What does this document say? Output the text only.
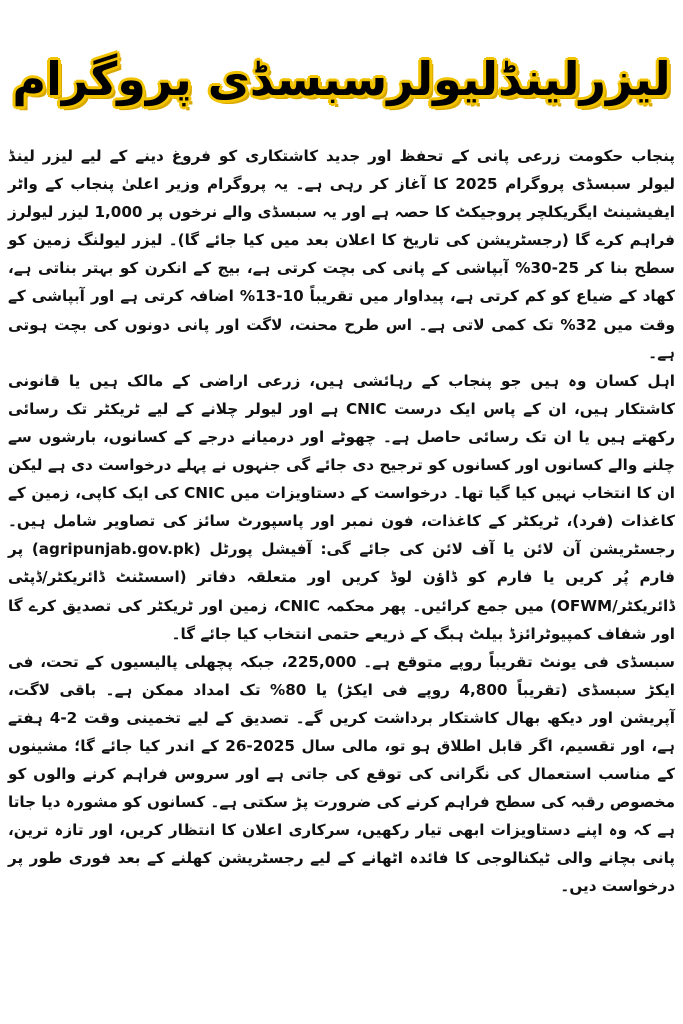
لیزرلینڈلیولرسبسڈی پروگرام

پنجاب حکومت زرعی پانی کے تحفظ اور جدید کاشتکاری کو فروغ دینے کے لیے لیزر لینڈ لیولر سبسڈی پروگرام 2025 کا آغاز کر رہی ہے۔ یہ پروگرام وزیر اعلیٰ پنجاب کے واٹر ایفیشینٹ ایگریکلچر پروجیکٹ کا حصہ ہے اور یہ سبسڈی والے نرخوں پر 1,000 لیزر لیولرز فراہم کرے گا (رجسٹریشن کی تاریخ کا اعلان بعد میں کیا جائے گا)۔ لیزر لیولنگ زمین کو سطح بنا کر 25-30% آبپاشی کے پانی کی بچت کرتی ہے، بیج کے انکرن کو بہتر بناتی ہے، کھاد کے ضیاع کو کم کرتی ہے، پیداوار میں تقریباً 10-13% اضافہ کرتی ہے اور آبپاشی کے وقت میں 32% تک کمی لاتی ہے۔ اس طرح محنت، لاگت اور پانی دونوں کی بچت ہوتی ہے۔

اہل کسان وہ ہیں جو پنجاب کے رہائشی ہیں، زرعی اراضی کے مالک ہیں یا قانونی کاشتکار ہیں، ان کے پاس ایک درست CNIC ہے اور لیولر چلانے کے لیے ٹریکٹر تک رسائی رکھتے ہیں یا ان تک رسائی حاصل ہے۔ چھوٹے اور درمیانے درجے کے کسانوں، بارشوں سے چلنے والے کسانوں اور کسانوں کو ترجیح دی جائے گی جنہوں نے پہلے درخواست دی ہے لیکن ان کا انتخاب نہیں کیا گیا تھا۔ درخواست کے دستاویزات میں CNIC کی ایک کاپی، زمین کے کاغذات (فرد)، ٹریکٹر کے کاغذات، فون نمبر اور پاسپورٹ سائز کی تصاویر شامل ہیں۔ رجسٹریشن آن لائن یا آف لائن کی جائے گی: آفیشل پورٹل (agripunjab.gov.pk) پر فارم پُر کریں یا فارم کو ڈاؤن لوڈ کریں اور متعلقہ دفاتر (اسسٹنٹ ڈائریکٹر/ڈپٹی ڈائریکٹر/OFWM) میں جمع کرائیں۔ پھر محکمہ CNIC، زمین اور ٹریکٹر کی تصدیق کرے گا اور شفاف کمپیوٹرائزڈ بیلٹ ہبگ کے ذریعے حتمی انتخاب کیا جائے گا۔

سبسڈی فی یونٹ تقریباً روپے متوقع ہے۔ 225,000، جبکہ پچھلی پالیسیوں کے تحت، فی ایکڑ سبسڈی (تقریباً 4,800 روپے فی ایکڑ) یا 80% تک امداد ممکن ہے۔ باقی لاگت، آپریشن اور دیکھ بھال کاشتکار برداشت کریں گے۔ تصدیق کے لیے تخمینی وقت 2-4 ہفتے ہے، اور تقسیم، اگر قابل اطلاق ہو تو، مالی سال 2025-26 کے اندر کیا جائے گا؛ مشینوں کے مناسب استعمال کی نگرانی کی توقع کی جاتی ہے اور سروس فراہم کرنے والوں کو مخصوص رقبہ کی سطح فراہم کرنے کی ضرورت پڑ سکتی ہے۔ کسانوں کو مشورہ دیا جاتا ہے کہ وہ اپنے دستاویزات ابھی تیار رکھیں، سرکاری اعلان کا انتظار کریں، اور تازہ ترین، پانی بچانے والی ٹیکنالوجی کا فائدہ اٹھانے کے لیے رجسٹریشن کھلنے کے بعد فوری طور پر درخواست دیں۔
